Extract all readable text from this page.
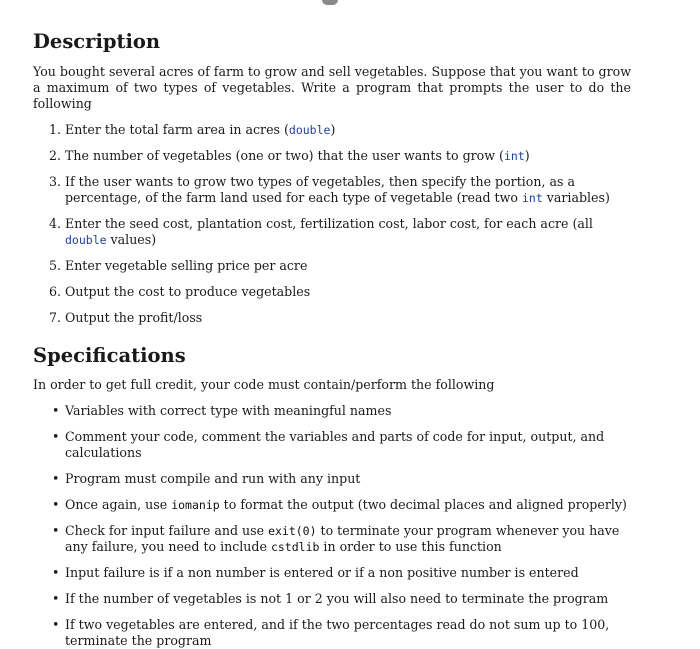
Description

You bought several acres of farm to grow and sell vegetables. Suppose that you want to grow a maximum of two types of vegetables. Write a program that prompts the user to do the following

1. Enter the total farm area in acres (double)
2. The number of vegetables (one or two) that the user wants to grow (int)
3. If the user wants to grow two types of vegetables, then specify the portion, as a percentage, of the farm land used for each type of vegetable (read two int variables)
4. Enter the seed cost, plantation cost, fertilization cost, labor cost, for each acre (all double values)
5. Enter vegetable selling price per acre
6. Output the cost to produce vegetables
7. Output the profit/loss
Specifications

In order to get full credit, your code must contain/perform the following

• Variables with correct type with meaningful names
• Comment your code, comment the variables and parts of code for input, output, and calculations
• Program must compile and run with any input
• Once again, use iomanip to format the output (two decimal places and aligned properly)
• Check for input failure and use exit(0) to terminate your program whenever you have any failure, you need to include cstdlib in order to use this function
• Input failure is if a non number is entered or if a non positive number is entered
• If the number of vegetables is not 1 or 2 you will also need to terminate the program
• If two vegetables are entered, and if the two percentages read do not sum up to 100, terminate the program
